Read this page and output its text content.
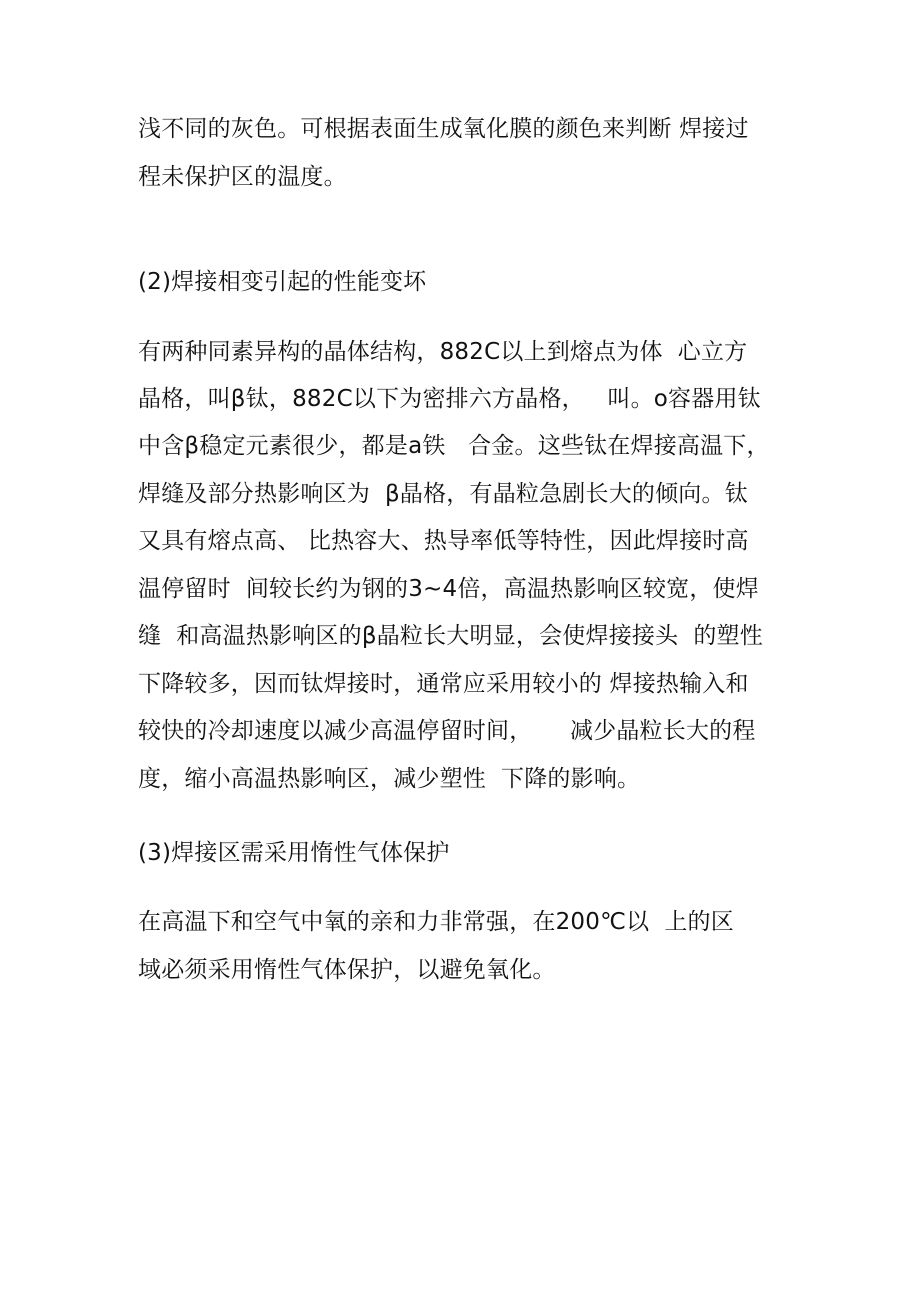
浅不同的灰色。可根据表面生成氧化膜的颜色来判断 焊接过
程未保护区的温度。
(2)焊接相变引起的性能变坏
有两种同素异构的晶体结构，882C以上到熔点为体  心立方
晶格，叫β钛，882C以下为密排六方晶格，   叫。o容器用钛
中含β稳定元素很少，都是a铁   合金。这些钛在焊接高温下，
焊缝及部分热影响区为  β晶格，有晶粒急剧长大的倾向。钛
又具有熔点高、 比热容大、热导率低等特性，因此焊接时高
温停留时  间较长约为钢的3~4倍，高温热影响区较宽，使焊
缝  和高温热影响区的β晶粒长大明显，会使焊接接头  的塑性
下降较多，因而钛焊接时，通常应采用较小的 焊接热输入和
较快的冷却速度以减少高温停留时间，     减少晶粒长大的程
度，缩小高温热影响区，减少塑性  下降的影响。
(3)焊接区需采用惰性气体保护
在高温下和空气中氧的亲和力非常强，在200℃以  上的区
域必须采用惰性气体保护，以避免氧化。
